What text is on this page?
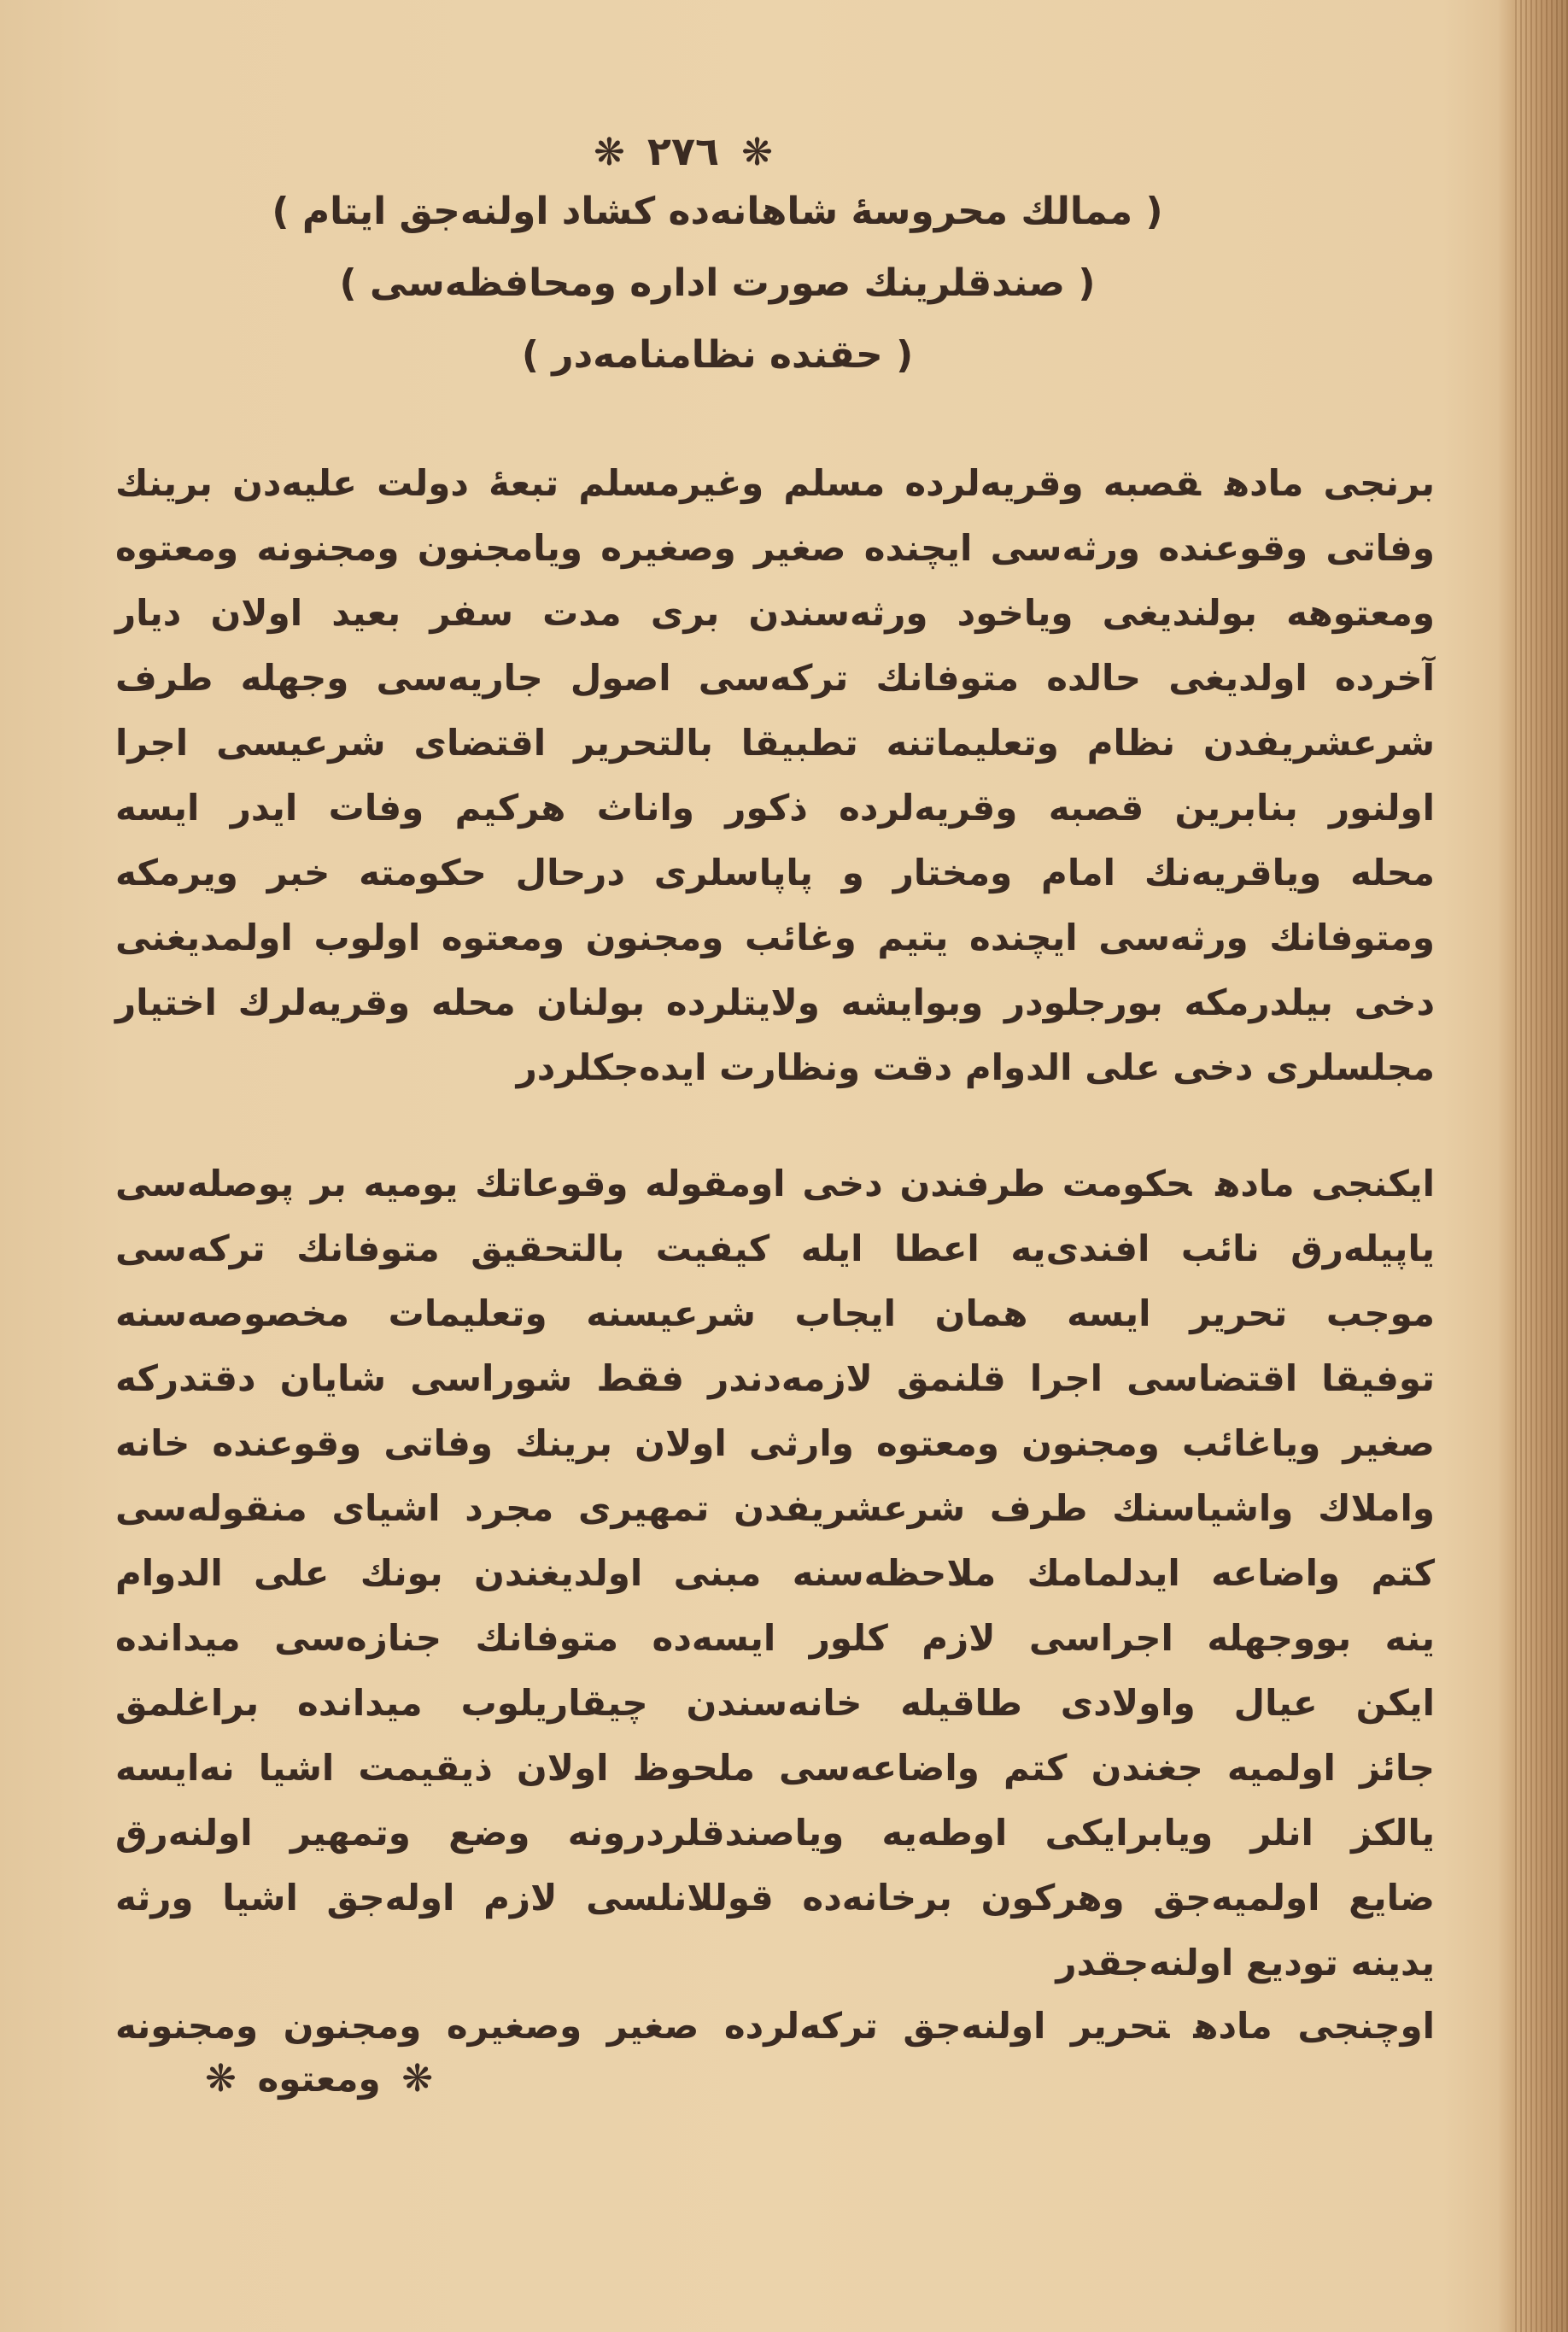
❋ ٢٧٦ ❋
( ممالك محروسهٔ شاهانه‌ده كشاد اولنه‌جق ايتام )
( صندقلرينك صورت اداره ومحافظه‌سى )
( حقنده نظامنامه‌در )
برنجى مادهقصبه وقريه‌لرده مسلم وغيرمسلم تبعهٔ دولت عليه‌دن برينك
وفاتى وقوعنده ورثه‌سى ايچنده صغير وصغيره ويامجنون ومجنونه ومعتوه
ومعتوهه بولنديغى وياخود ورثه‌سندن برى مدت سفر بعيد اولان ديار
آخرده اولديغى حالده متوفانك تركه‌سى اصول جاريه‌سى وجهله طرف
شرعشريفدن نظام وتعليماتنه تطبيقا بالتحرير اقتضاى شرعيسى اجرا
اولنور بنابرين قصبه وقريه‌لرده ذكور واناث هركيم وفات ايدر ايسه
محله وياقريه‌نك امام ومختار و پاپاسلرى درحال حكومته خبر ويرمكه
ومتوفانك ورثه‌سى ايچنده يتيم وغائب ومجنون ومعتوه اولوب اولمديغنى
دخى بيلدرمكه بورجلودر وبوايشه ولايتلرده بولنان محله وقريه‌لرك اختيار
مجلسلرى دخى على الدوام دقت ونظارت ايده‌جكلردر
ايكنجى مادهحكومت طرفندن دخى اومقوله وقوعاتك يوميه بر پوصله‌سى
ياپيله‌رق نائب افندى‌يه اعطا ايله كيفيت بالتحقيق متوفانك تركه‌سى
موجب تحرير ايسه همان ايجاب شرعيسنه وتعليمات مخصوصه‌سنه
توفيقا اقتضاسى اجرا قلنمق لازمه‌دندر فقط شوراسى شايان دقتدركه
صغير وياغائب ومجنون ومعتوه وارثى اولان برينك وفاتى وقوعنده خانه
واملاك واشياسنك طرف شرعشريفدن تمهيرى مجرد اشياى منقوله‌سى
كتم واضاعه ايدلمامك ملاحظه‌سنه مبنى اولديغندن بونك على الدوام
ينه بووجهله اجراسى لازم كلور ايسه‌ده متوفانك جنازه‌سى ميدانده
ايكن عيال واولادى طاقيله خانه‌سندن چيقاريلوب ميدانده براغلمق
جائز اولميه جغندن كتم واضاعه‌سى ملحوظ اولان ذيقيمت اشيا نه‌ايسه
يالكز انلر ويابرايكى اوطه‌يه وياصندقلردرونه وضع وتمهير اولنه‌رق
ضايع اولميه‌جق وهركون برخانه‌ده قوللانلسى لازم اوله‌جق اشيا ورثه
يدينه توديع اولنه‌جقدر
اوچنجى مادهتحرير اولنه‌جق تركه‌لرده صغير وصغيره ومجنون ومجنونه
❋ ومعتوه ❋
